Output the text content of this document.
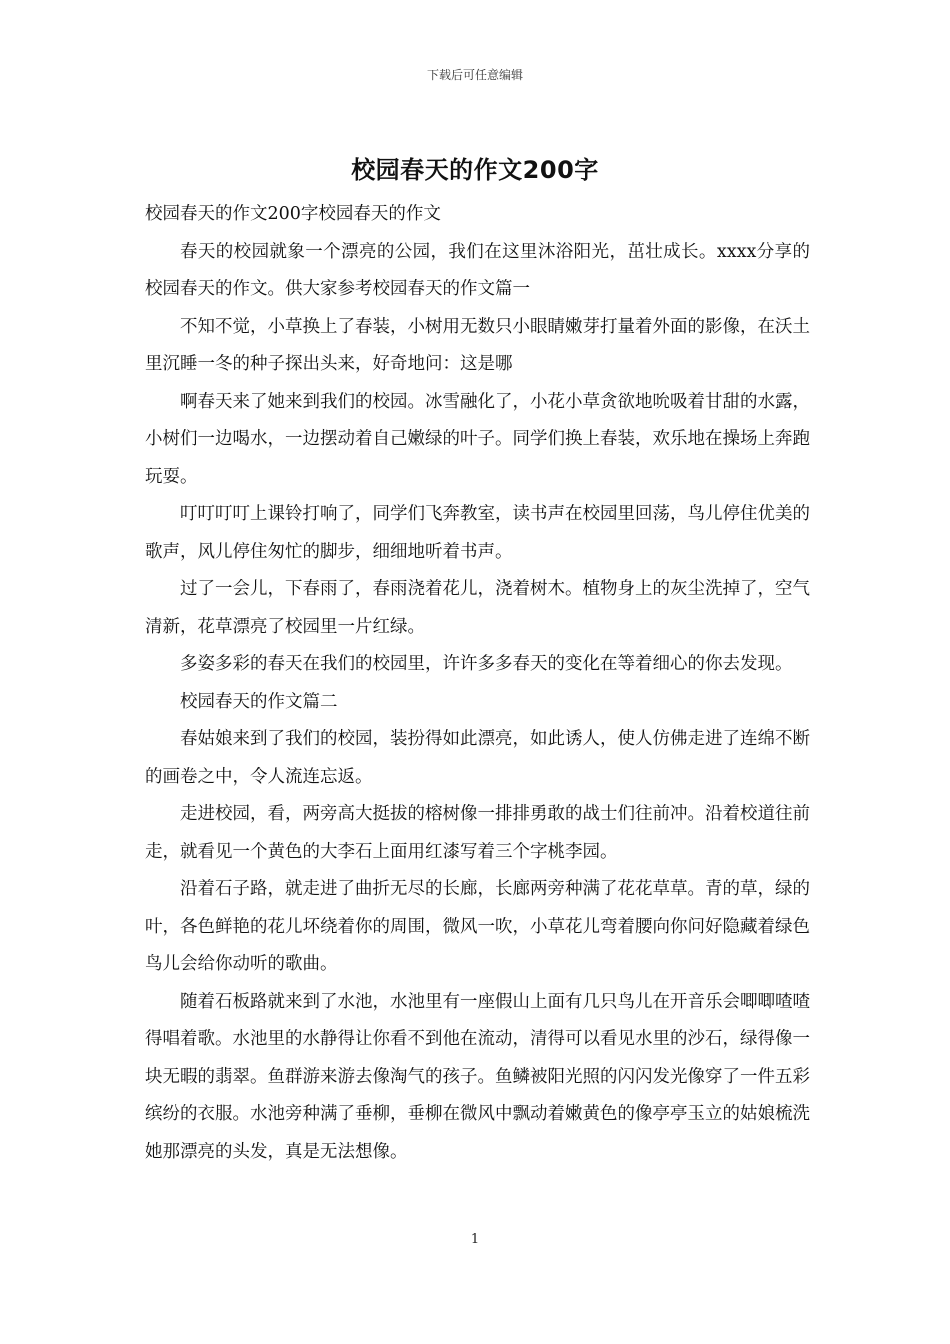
下载后可任意编辑
校园春天的作文200字

校园春天的作文200字校园春天的作文

春天的校园就象一个漂亮的公园，我们在这里沐浴阳光，茁壮成长。xxxx分享的校园春天的作文。供大家参考校园春天的作文篇一

不知不觉，小草换上了春装，小树用无数只小眼睛嫩芽打量着外面的影像，在沃土里沉睡一冬的种子探出头来，好奇地问：这是哪

啊春天来了她来到我们的校园。冰雪融化了，小花小草贪欲地吮吸着甘甜的水露，小树们一边喝水，一边摆动着自己嫩绿的叶子。同学们换上春装，欢乐地在操场上奔跑玩耍。

叮叮叮叮上课铃打响了，同学们飞奔教室，读书声在校园里回荡，鸟儿停住优美的歌声，风儿停住匆忙的脚步，细细地听着书声。

过了一会儿，下春雨了，春雨浇着花儿，浇着树木。植物身上的灰尘洗掉了，空气清新，花草漂亮了校园里一片红绿。

多姿多彩的春天在我们的校园里，许许多多春天的变化在等着细心的你去发现。

校园春天的作文篇二

春姑娘来到了我们的校园，装扮得如此漂亮，如此诱人，使人仿佛走进了连绵不断的画卷之中，令人流连忘返。

走进校园，看，两旁高大挺拔的榕树像一排排勇敢的战士们往前冲。沿着校道往前走，就看见一个黄色的大李石上面用红漆写着三个字桃李园。

沿着石子路，就走进了曲折无尽的长廊，长廊两旁种满了花花草草。青的草，绿的叶，各色鲜艳的花儿坏绕着你的周围，微风一吹，小草花儿弯着腰向你问好隐藏着绿色鸟儿会给你动听的歌曲。

随着石板路就来到了水池，水池里有一座假山上面有几只鸟儿在开音乐会唧唧喳喳得唱着歌。水池里的水静得让你看不到他在流动，清得可以看见水里的沙石，绿得像一块无暇的翡翠。鱼群游来游去像淘气的孩子。鱼鳞被阳光照的闪闪发光像穿了一件五彩缤纷的衣服。水池旁种满了垂柳，垂柳在微风中飘动着嫩黄色的像亭亭玉立的姑娘梳洗她那漂亮的头发，真是无法想像。

1
